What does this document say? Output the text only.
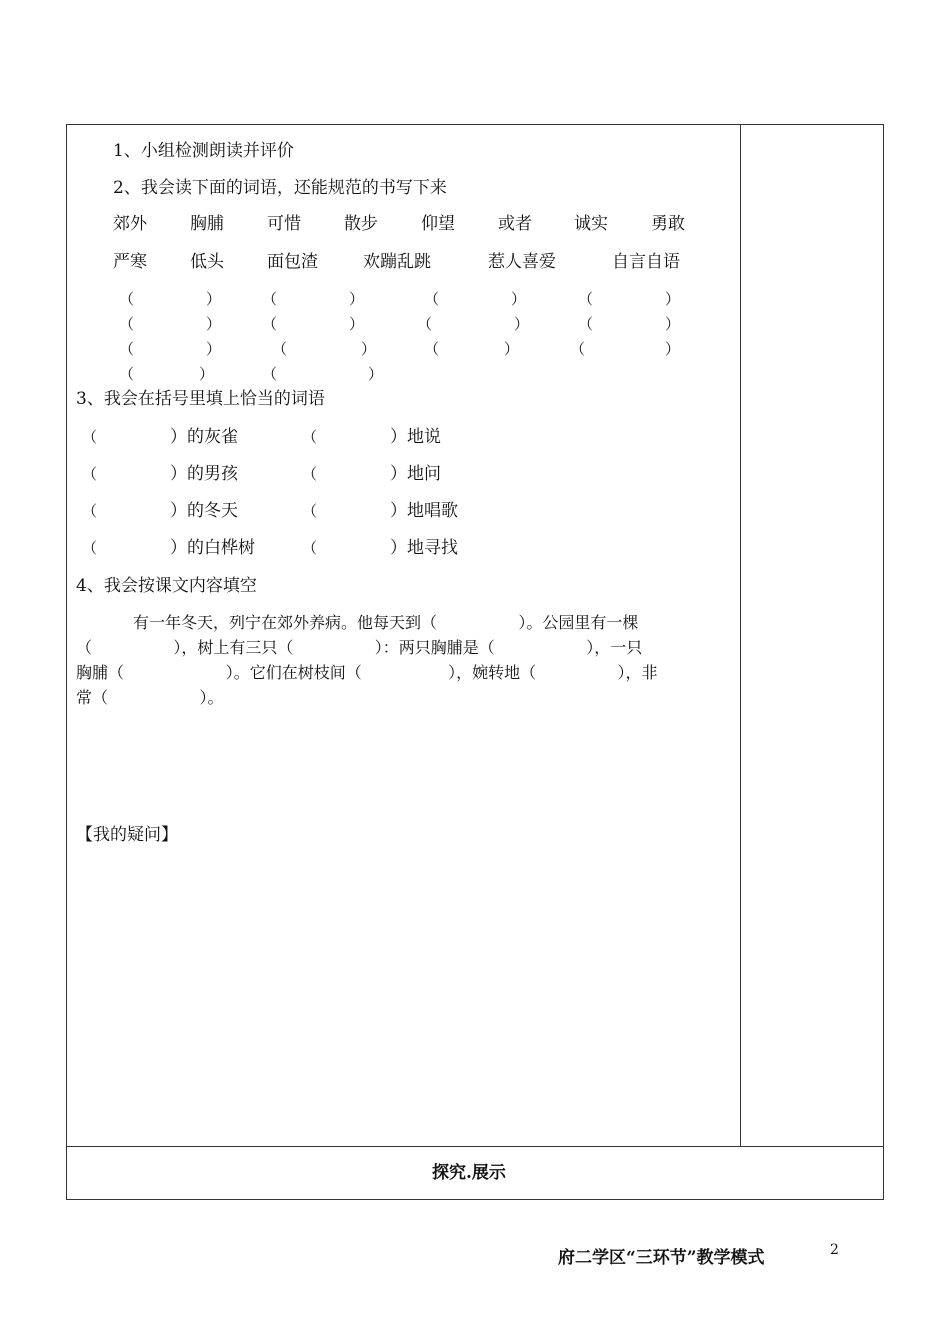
1、小组检测朗读并评价
2、我会读下面的词语，还能规范的书写下来
郊外	胸脯	可惜	散步	仰望	或者 诚实	勇敢
严寒	低头	面包渣	欢蹦乱跳	惹人喜爱	自言自语
（	）	（	）	（	）	（	）
（	）	（	）	（	）	（	）
（	）	（	）	（	）	（	）
（	）	（	）
3、我会在括号里填上恰当的词语
（	）的灰雀	（	）地说
（	）的男孩	（	）地问
（	）的冬天	（	）地唱歌
（	）的白桦树	（	）地寻找
4、我会按课文内容填空
有一年冬天，列宁在郊外养病。他每天到（                ）。公园里有一棵
（                ），树上有三只（                ）：两只胸脯是（                  ），一只
胸脯（                    ）。它们在树枝间（                 ），婉转地（                ），非
常（                  ）。
【我的疑问】
探究.展示
府二学区“三环节”教学模式	2
